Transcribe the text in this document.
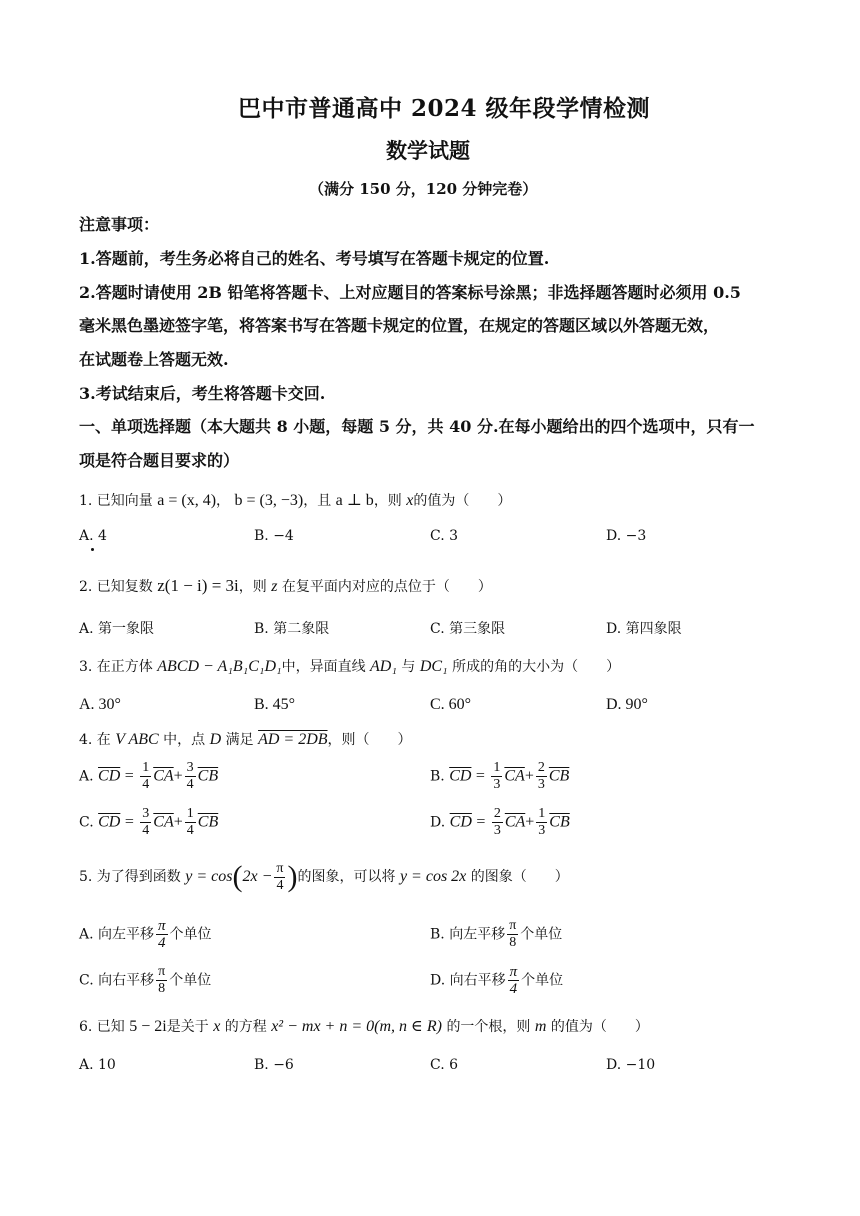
巴中市普通高中 2024 级年段学情检测
数学试题
（满分 150 分，120 分钟完卷）
注意事项：
1.答题前，考生务必将自己的姓名、考号填写在答题卡规定的位置.
2.答题时请使用 2B 铅笔将答题卡、上对应题目的答案标号涂黑；非选择题答题时必须用 0.5
毫米黑色墨迹签字笔，将答案书写在答题卡规定的位置，在规定的答题区域以外答题无效，
在试题卷上答题无效.
3.考试结束后，考生将答题卡交回.
一、单项选择题（本大题共 8 小题，每题 5 分，共 40 分.在每小题给出的四个选项中，只有一
项是符合题目要求的）
1. 已知向量 a = (x, 4)， b = (3, −3)，且 a ⊥ b，则 x的值为（　　）
A. 4	B. −4	C. 3	D. −3
2. 已知复数 z(1 − i) = 3i，则 z 在复平面内对应的点位于（　　）
A. 第一象限	B. 第二象限	C. 第三象限	D. 第四象限
3. 在正方体 ABCD − A₁B₁C₁D₁中，异面直线 AD₁ 与 DC₁ 所成的角的大小为（　　）
A. 30°	B. 45°	C. 60°	D. 90°
4. 在 V ABC 中，点 D 满足 AD = 2DB，则（　　）
A. $\overline{CD} = \frac{1}{4} \overline{CA}+ \frac{3}{4} \overline{CB}$	B. $\overline{CD} = \frac{1}{3} \overline{CA}+ \frac{2}{3} \overline{CB}$
C. $\overline{CD} = \frac{3}{4} \overline{CA}+ \frac{1}{4} \overline{CB}$	D. $\overline{CD} = \frac{2}{3} \overline{CA}+ \frac{1}{3} \overline{CB}$
5. 为了得到函数 $y = \cos(2x - \frac{\pi}{4}$ )的图象，可以将 y = cos 2x 的图象（　　）
A. 向左平移 $\frac{\pi}{4}$ 个单位	B. 向左平移 $\frac{\pi}{8}$ 个单位
C. 向右平移 $\frac{\pi}{8}$ 个单位	D. 向右平移 $\frac{\pi}{4}$ 个单位
6. 已知 5 − 2i是关于 x 的方程 x² − mx + n = 0(m, n ∈ R) 的一个根，则 m 的值为（　　）
A. 10	B. −6	C. 6	D. −10
